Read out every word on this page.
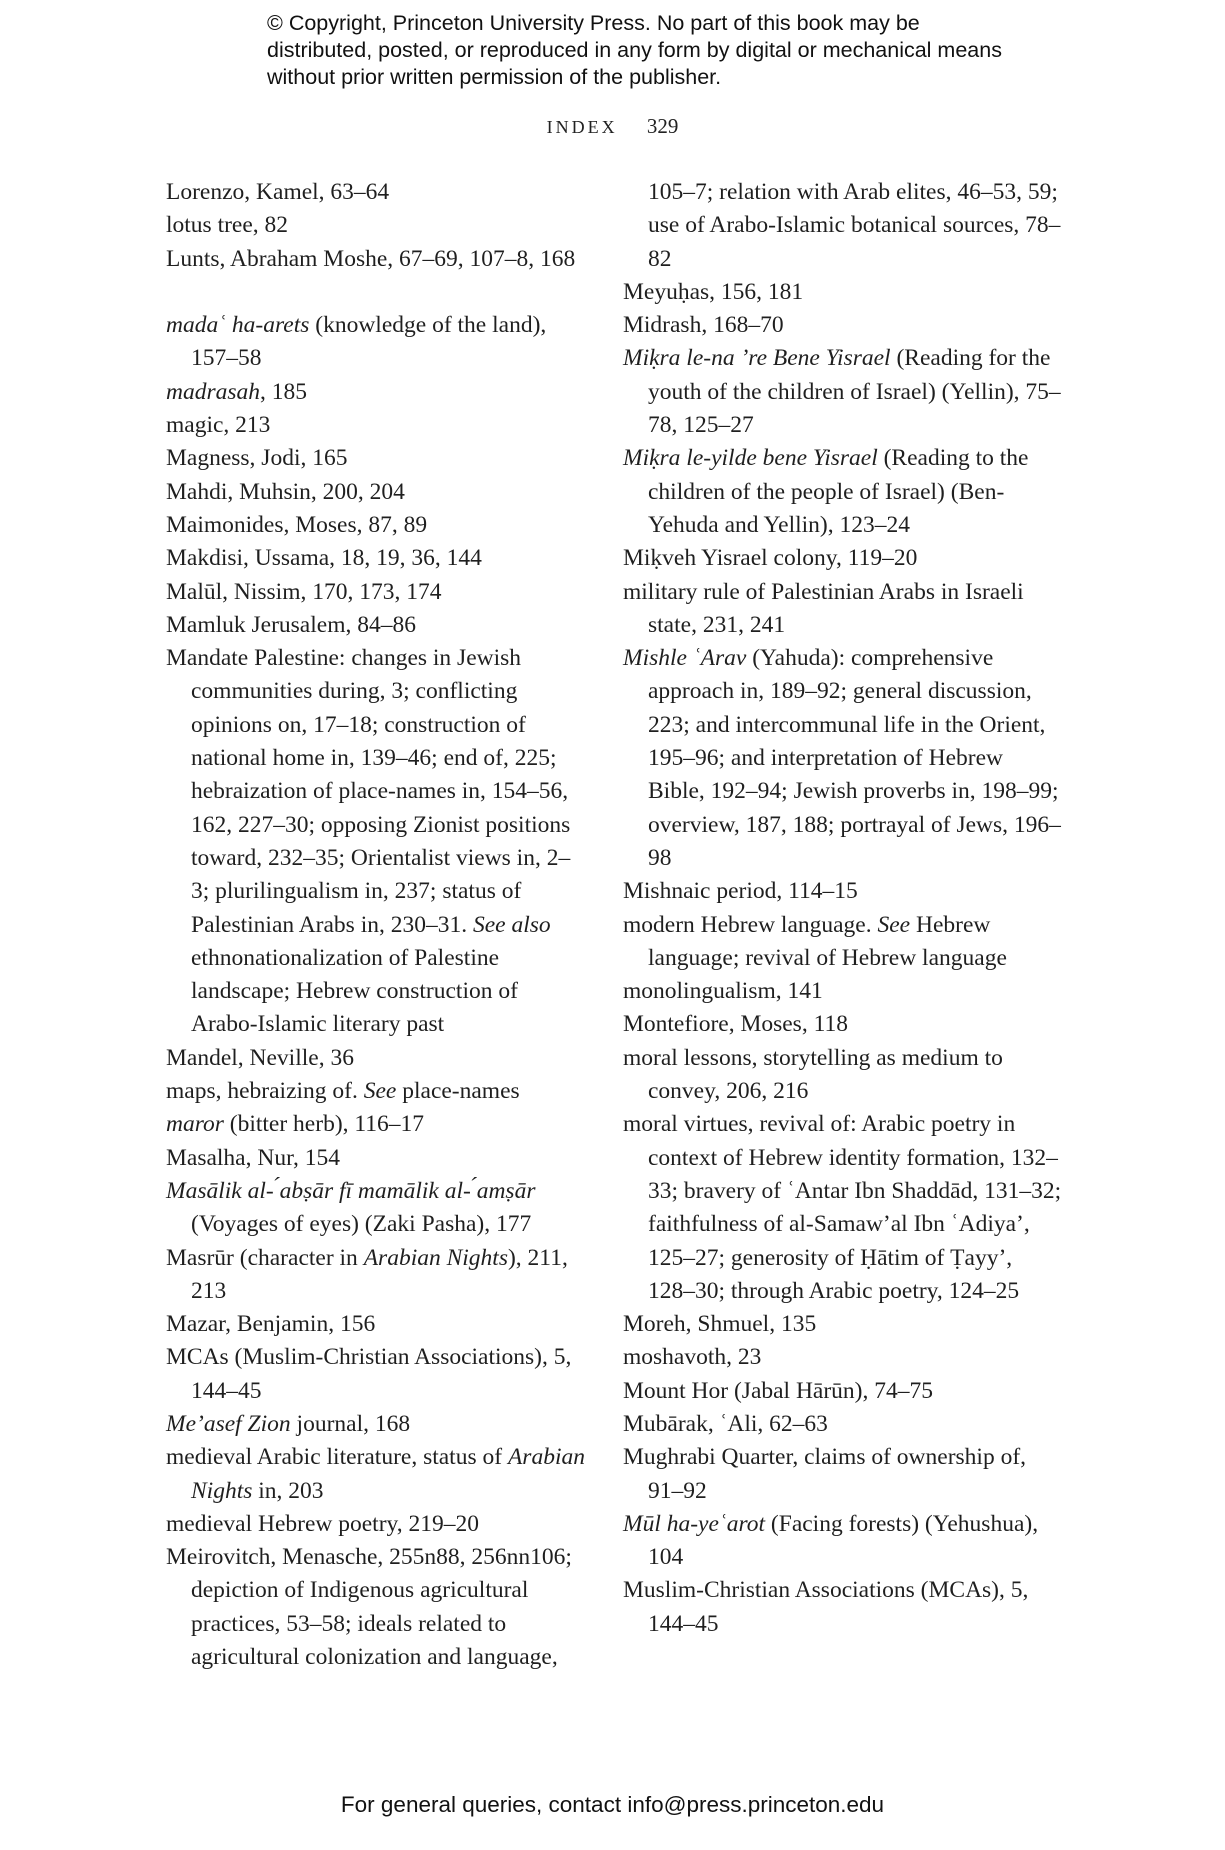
© Copyright, Princeton University Press. No part of this book may be distributed, posted, or reproduced in any form by digital or mechanical means without prior written permission of the publisher.
INDEX 329
Lorenzo, Kamel, 63–64
lotus tree, 82
Lunts, Abraham Moshe, 67–69, 107–8, 168
madaʿ ha-arets (knowledge of the land), 157–58
madrasah, 185
magic, 213
Magness, Jodi, 165
Mahdi, Muhsin, 200, 204
Maimonides, Moses, 87, 89
Makdisi, Ussama, 18, 19, 36, 144
Malūl, Nissim, 170, 173, 174
Mamluk Jerusalem, 84–86
Mandate Palestine: changes in Jewish communities during, 3; conflicting opinions on, 17–18; construction of national home in, 139–46; end of, 225; hebraization of place-names in, 154–56, 162, 227–30; opposing Zionist positions toward, 232–35; Orientalist views in, 2–3; plurilingualism in, 237; status of Palestinian Arabs in, 230–31. See also ethnonationalization of Palestine landscape; Hebrew construction of Arabo-Islamic literary past
Mandel, Neville, 36
maps, hebraizing of. See place-names
maror (bitter herb), 116–17
Masalha, Nur, 154
Masālik al- ́abṣār fī mamālik al- ́amṣār (Voyages of eyes) (Zaki Pasha), 177
Masrūr (character in Arabian Nights), 211, 213
Mazar, Benjamin, 156
MCAs (Muslim-Christian Associations), 5, 144–45
Me’asef Zion journal, 168
medieval Arabic literature, status of Arabian Nights in, 203
medieval Hebrew poetry, 219–20
Meirovitch, Menasche, 255n88, 256nn106; depiction of Indigenous agricultural practices, 53–58; ideals related to agricultural colonization and language,
105–7; relation with Arab elites, 46–53, 59; use of Arabo-Islamic botanical sources, 78–82
Meyuḥas, 156, 181
Midrash, 168–70
Miḳra le-na ’re Bene Yisrael (Reading for the youth of the children of Israel) (Yellin), 75–78, 125–27
Miḳra le-yilde bene Yisrael (Reading to the children of the people of Israel) (Ben-Yehuda and Yellin), 123–24
Miḳveh Yisrael colony, 119–20
military rule of Palestinian Arabs in Israeli state, 231, 241
Mishle ʿArav (Yahuda): comprehensive approach in, 189–92; general discussion, 223; and intercommunal life in the Orient, 195–96; and interpretation of Hebrew Bible, 192–94; Jewish proverbs in, 198–99; overview, 187, 188; portrayal of Jews, 196–98
Mishnaic period, 114–15
modern Hebrew language. See Hebrew language; revival of Hebrew language
monolingualism, 141
Montefiore, Moses, 118
moral lessons, storytelling as medium to convey, 206, 216
moral virtues, revival of: Arabic poetry in context of Hebrew identity formation, 132–33; bravery of ʿAntar Ibn Shaddād, 131–32; faithfulness of al-Samaw’al Ibn ʿAdiya’, 125–27; generosity of Ḥātim of Ṭayy’, 128–30; through Arabic poetry, 124–25
Moreh, Shmuel, 135
moshavoth, 23
Mount Hor (Jabal Hārūn), 74–75
Mubārak, ʿAli, 62–63
Mughrabi Quarter, claims of ownership of, 91–92
Mūl ha-yeʿarot (Facing forests) (Yehushua), 104
Muslim-Christian Associations (MCAs), 5, 144–45
For general queries, contact info@press.princeton.edu
